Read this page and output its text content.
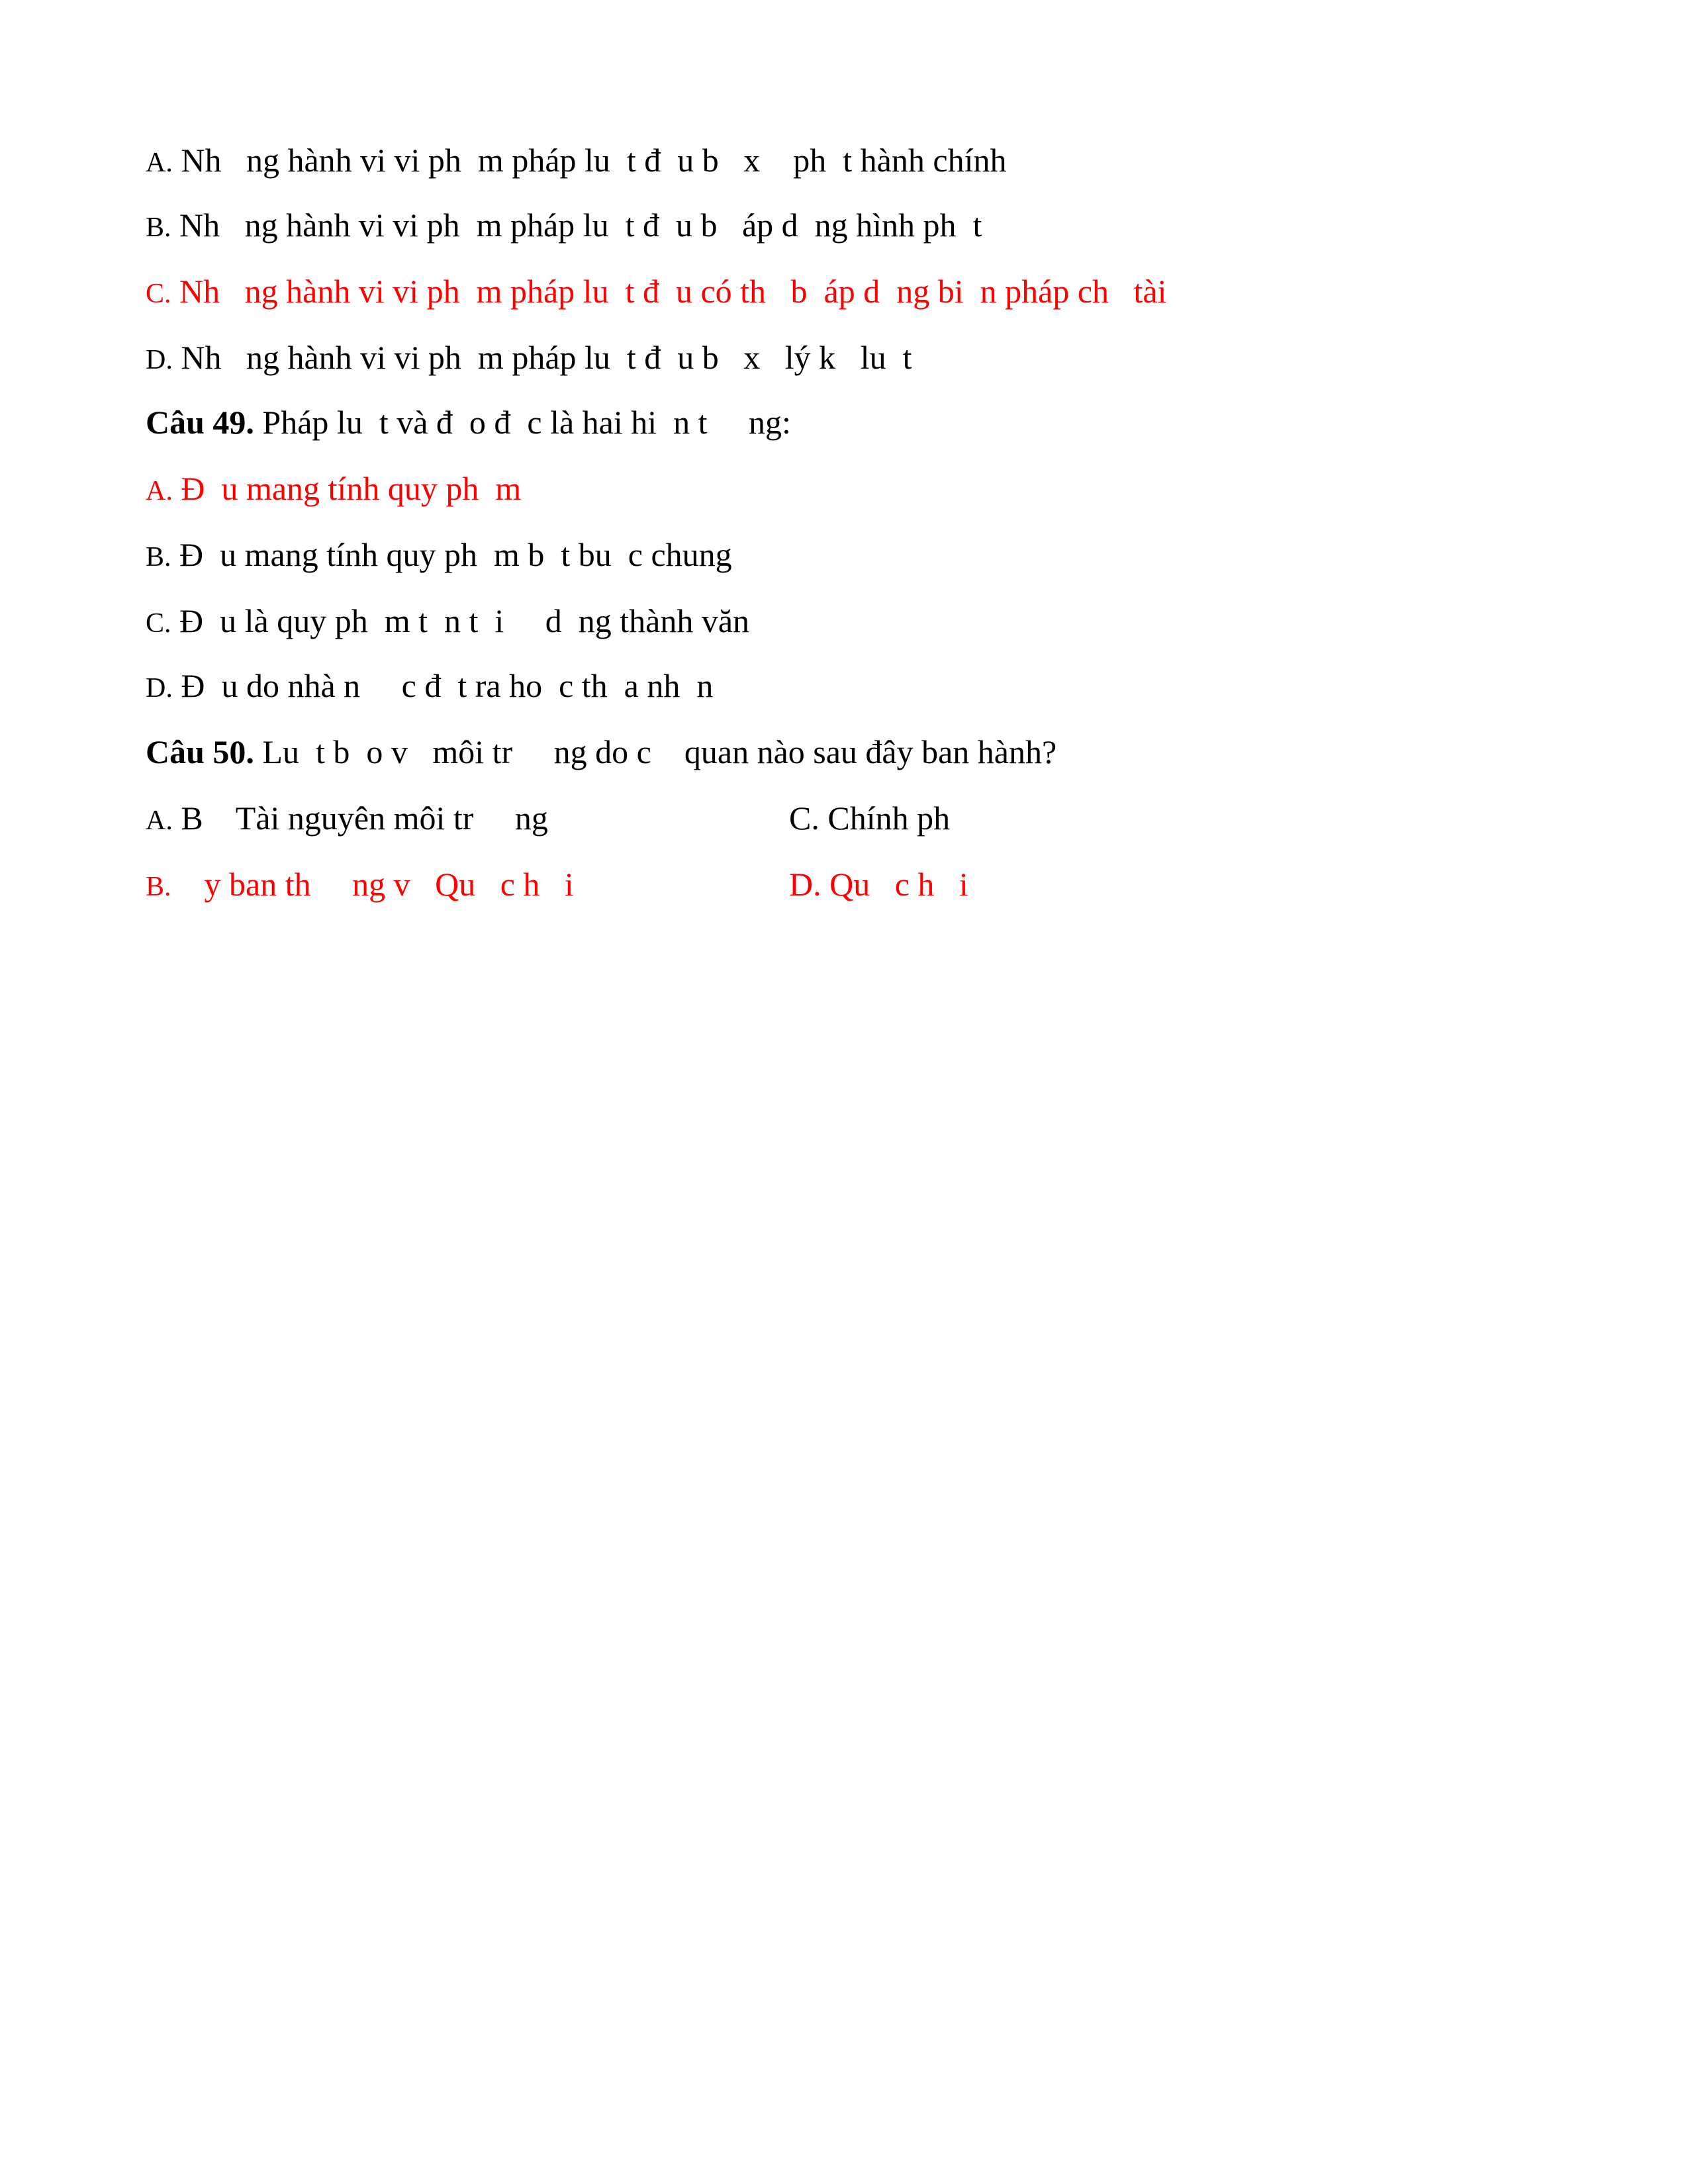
A. Nh   ng hành vi vi ph  m pháp lu  t đ  u b   x    ph  t hành chính

B. Nh   ng hành vi vi ph  m pháp lu  t đ  u b   áp d  ng hình ph  t

C. Nh   ng hành vi vi ph  m pháp lu  t đ  u có th   b  áp d  ng bi  n pháp ch   tài

D. Nh   ng hành vi vi ph  m pháp lu  t đ  u b   x   lý k   lu  t

Câu 49. Pháp lu  t và đ  o đ  c là hai hi  n t     ng:

A. Đ  u mang tính quy ph  m

B. Đ  u mang tính quy ph  m b  t bu  c chung

C. Đ  u là quy ph  m t  n t  i     d  ng thành văn

D. Đ  u do nhà n     c đ  t ra ho  c th  a nh  n

Câu 50. Lu  t b  o v   môi tr     ng do c    quan nào sau đây ban hành?

A. B    Tài nguyên môi tr     ng
	C. Chính ph

B.    y ban th     ng v   Qu   c h   i
	D. Qu   c h   i
